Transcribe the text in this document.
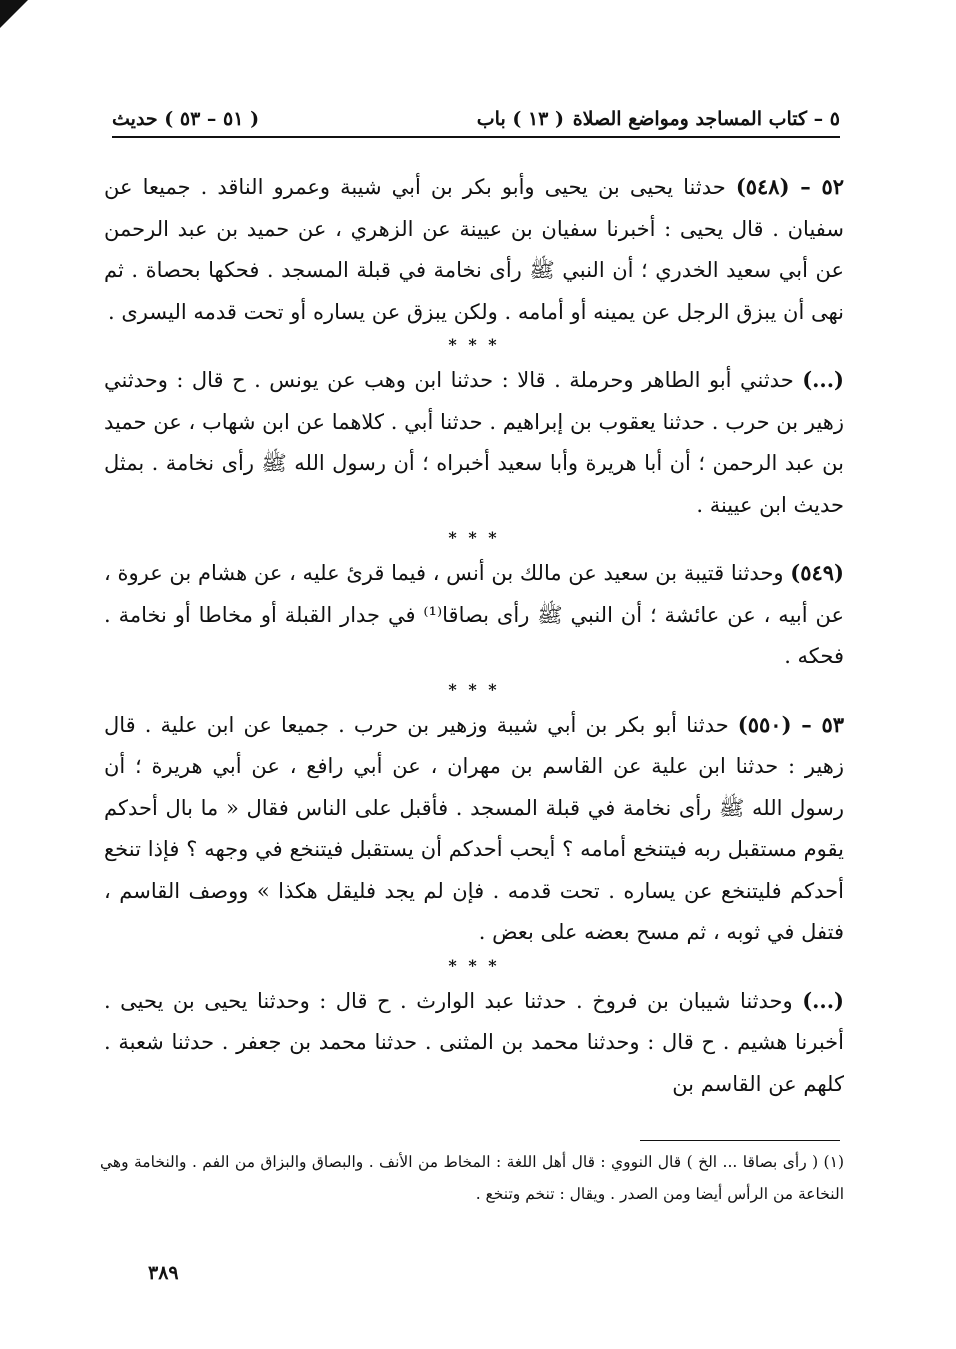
٥ – كتاب المساجد ومواضع الصلاة
( ١٣ ) باب
( ٥١ – ٥٣ ) حديث

٥٢ – (٥٤٨) حدثنا يحيى بن يحيى وأبو بكر بن أبي شيبة وعمرو الناقد . جميعا عن سفيان . قال يحيى : أخبرنا سفيان بن عيينة عن الزهري ، عن حميد بن عبد الرحمن عن أبي سعيد الخدري ؛ أن النبي ﷺ رأى نخامة في قبلة المسجد . فحكها بحصاة . ثم نهى أن يبزق الرجل عن يمينه أو أمامه . ولكن يبزق عن يساره أو تحت قدمه اليسرى .

* * *

(...) حدثني أبو الطاهر وحرملة . قالا : حدثنا ابن وهب عن يونس . ح قال : وحدثني زهير بن حرب . حدثنا يعقوب بن إبراهيم . حدثنا أبي . كلاهما عن ابن شهاب ، عن حميد بن عبد الرحمن ؛ أن أبا هريرة وأبا سعيد أخبراه ؛ أن رسول الله ﷺ رأى نخامة . بمثل حديث ابن عيينة .

* * *

(٥٤٩) وحدثنا قتيبة بن سعيد عن مالك بن أنس ، فيما قرئ عليه ، عن هشام بن عروة ، عن أبيه ، عن عائشة ؛ أن النبي ﷺ رأى بصاقا⁽¹⁾ في جدار القبلة أو مخاطا أو نخامة . فحكه .

* * *

٥٣ – (٥٥٠) حدثنا أبو بكر بن أبي شيبة وزهير بن حرب . جميعا عن ابن علية . قال زهير : حدثنا ابن علية عن القاسم بن مهران ، عن أبي رافع ، عن أبي هريرة ؛ أن رسول الله ﷺ رأى نخامة في قبلة المسجد . فأقبل على الناس فقال « ما بال أحدكم يقوم مستقبل ربه فيتنخع أمامه ؟ أيحب أحدكم أن يستقبل فيتنخع في وجهه ؟ فإذا تنخع أحدكم فليتنخع عن يساره . تحت قدمه . فإن لم يجد فليقل هكذا » ووصف القاسم ، فتفل في ثوبه ، ثم مسح بعضه على بعض .

* * *

(...) وحدثنا شيبان بن فروخ . حدثنا عبد الوارث . ح قال : وحدثنا يحيى بن يحيى . أخبرنا هشيم . ح قال : وحدثنا محمد بن المثنى . حدثنا محمد بن جعفر . حدثنا شعبة . كلهم عن القاسم بن

(١) ( رأى بصاقا ... الخ ) قال النووي : قال أهل اللغة : المخاط من الأنف . والبصاق والبزاق من الفم . والنخامة وهي النخاعة من الرأس أيضا ومن الصدر . ويقال : تنخم وتنخع .

٣٨٩
